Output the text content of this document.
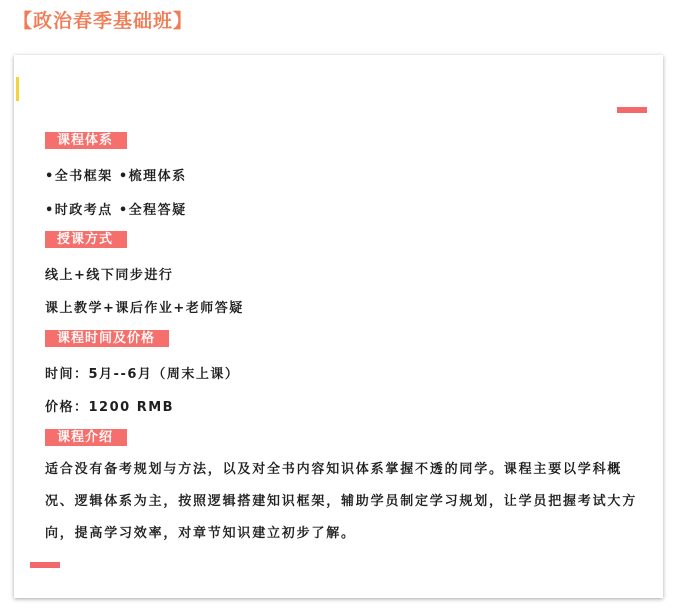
【政治春季基础班】
课程体系
•全书框架 •梳理体系
•时政考点 •全程答疑
授课方式
线上+线下同步进行
课上教学+课后作业+老师答疑
课程时间及价格
时间：5月--6月（周末上课）
价格：1200 RMB
课程介绍
适合没有备考规划与方法，以及对全书内容知识体系掌握不透的同学。课程主要以学科概况、逻辑体系为主，按照逻辑搭建知识框架，辅助学员制定学习规划，让学员把握考试大方向，提高学习效率，对章节知识建立初步了解。
